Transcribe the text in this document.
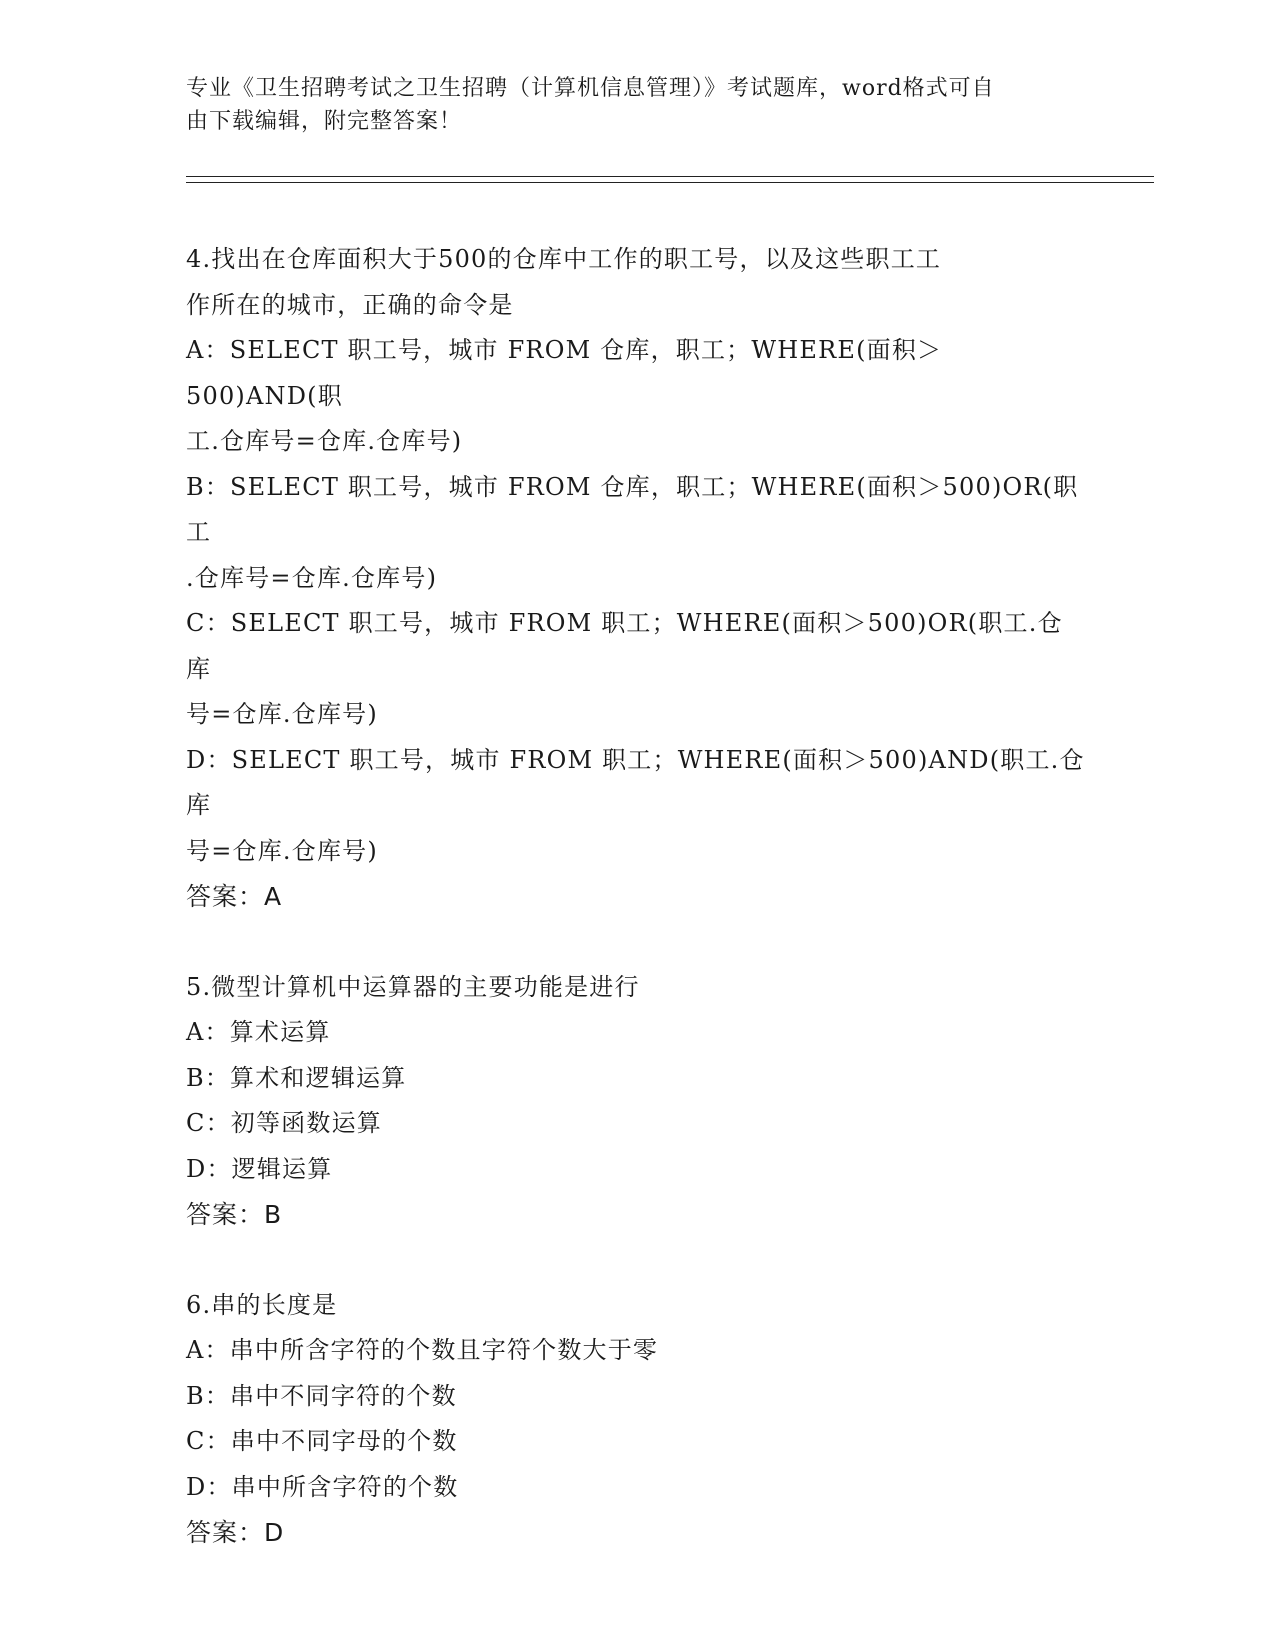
专业《卫生招聘考试之卫生招聘（计算机信息管理）》考试题库，word格式可自
由下载编辑，附完整答案！
4.找出在仓库面积大于500的仓库中工作的职工号，以及这些职工工
作所在的城市，正确的命令是
A：SELECT 职工号，城市 FROM 仓库，职工；WHERE(面积＞500)AND(职
工.仓库号=仓库.仓库号)
B：SELECT 职工号，城市 FROM 仓库，职工；WHERE(面积＞500)OR(职工
.仓库号=仓库.仓库号)
C：SELECT 职工号，城市 FROM 职工；WHERE(面积＞500)OR(职工.仓库
号=仓库.仓库号)
D：SELECT 职工号，城市 FROM 职工；WHERE(面积＞500)AND(职工.仓库
号=仓库.仓库号)
答案：A
5.微型计算机中运算器的主要功能是进行
A：算术运算
B：算术和逻辑运算
C：初等函数运算
D：逻辑运算
答案：B
6.串的长度是
A：串中所含字符的个数且字符个数大于零
B：串中不同字符的个数
C：串中不同字母的个数
D：串中所含字符的个数
答案：D
